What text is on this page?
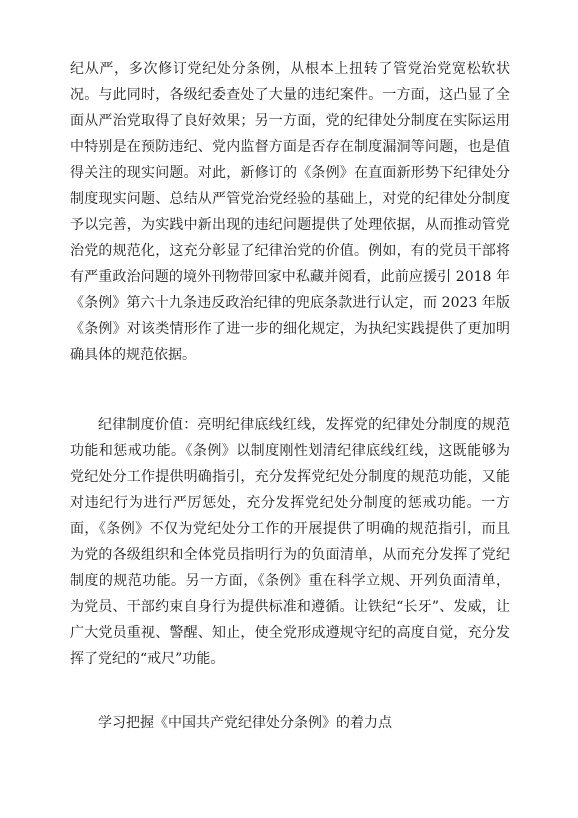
纪从严，多次修订党纪处分条例，从根本上扭转了管党治党宽松软状况。与此同时，各级纪委查处了大量的违纪案件。一方面，这凸显了全面从严治党取得了良好效果；另一方面，党的纪律处分制度在实际运用中特别是在预防违纪、党内监督方面是否存在制度漏洞等问题，也是值得关注的现实问题。对此，新修订的《条例》在直面新形势下纪律处分制度现实问题、总结从严管党治党经验的基础上，对党的纪律处分制度予以完善，为实践中新出现的违纪问题提供了处理依据，从而推动管党治党的规范化，这充分彰显了纪律治党的价值。例如，有的党员干部将有严重政治问题的境外刊物带回家中私藏并阅看，此前应援引 2018 年《条例》第六十九条违反政治纪律的兜底条款进行认定，而 2023 年版《条例》对该类情形作了进一步的细化规定，为执纪实践提供了更加明确具体的规范依据。

纪律制度价值：亮明纪律底线红线，发挥党的纪律处分制度的规范功能和惩戒功能。《条例》以制度刚性划清纪律底线红线，这既能够为党纪处分工作提供明确指引，充分发挥党纪处分制度的规范功能，又能对违纪行为进行严厉惩处，充分发挥党纪处分制度的惩戒功能。一方面，《条例》不仅为党纪处分工作的开展提供了明确的规范指引，而且为党的各级组织和全体党员指明行为的负面清单，从而充分发挥了党纪制度的规范功能。另一方面，《条例》重在科学立规、开列负面清单，为党员、干部约束自身行为提供标准和遵循。让铁纪“长牙”、发威，让广大党员重视、警醒、知止，使全党形成遵规守纪的高度自觉，充分发挥了党纪的“戒尺”功能。

学习把握《中国共产党纪律处分条例》的着力点
